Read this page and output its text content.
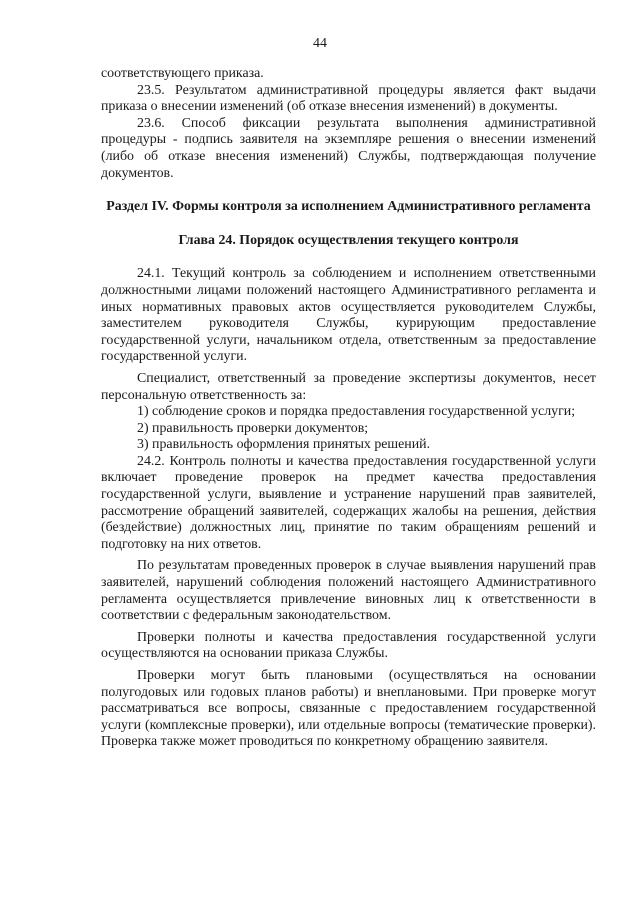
44

соответствующего приказа.

23.5. Результатом административной процедуры является факт выдачи приказа о внесении изменений (об отказе внесения изменений) в документы.

23.6. Способ фиксации результата выполнения административной процедуры - подпись заявителя на экземпляре решения о внесении изменений (либо об отказе внесения изменений) Службы, подтверждающая получение документов.

Раздел IV. Формы контроля за исполнением Административного регламента

Глава 24. Порядок осуществления текущего контроля

24.1. Текущий контроль за соблюдением и исполнением ответственными должностными лицами положений настоящего Административного регламента и иных нормативных правовых актов осуществляется руководителем Службы, заместителем руководителя Службы, курирующим предоставление государственной услуги, начальником отдела, ответственным за предоставление государственной услуги.

Специалист, ответственный за проведение экспертизы документов, несет персональную ответственность за:

1) соблюдение сроков и порядка предоставления государственной услуги;

2) правильность проверки документов;

3) правильность оформления принятых решений.

24.2. Контроль полноты и качества предоставления государственной услуги включает проведение проверок на предмет качества предоставления государственной услуги, выявление и устранение нарушений прав заявителей, рассмотрение обращений заявителей, содержащих жалобы на решения, действия (бездействие) должностных лиц, принятие по таким обращениям решений и подготовку на них ответов.

По результатам проведенных проверок в случае выявления нарушений прав заявителей, нарушений соблюдения положений настоящего Административного регламента осуществляется привлечение виновных лиц к ответственности в соответствии с федеральным законодательством.

Проверки полноты и качества предоставления государственной услуги осуществляются на основании приказа Службы.

Проверки могут быть плановыми (осуществляться на основании полугодовых или годовых планов работы) и внеплановыми. При проверке могут рассматриваться все вопросы, связанные с предоставлением государственной услуги (комплексные проверки), или отдельные вопросы (тематические проверки). Проверка также может проводиться по конкретному обращению заявителя.
